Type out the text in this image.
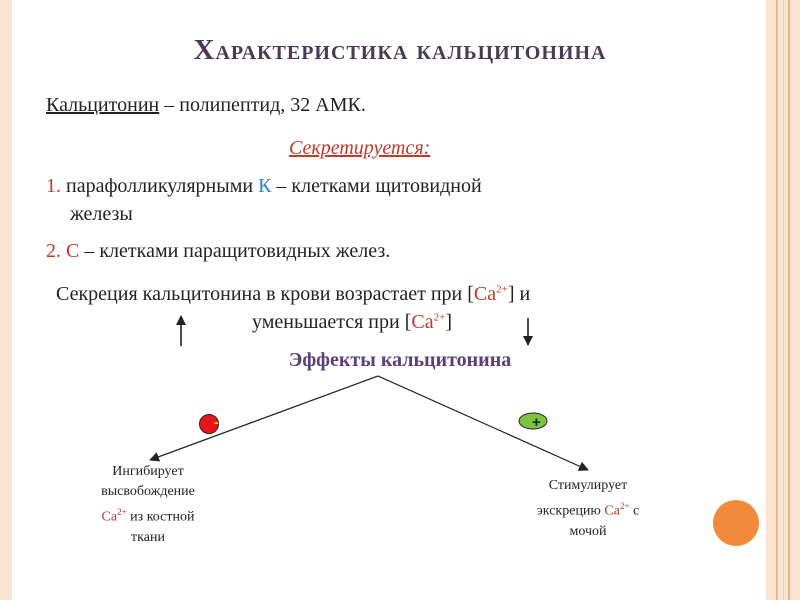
Характеристика кальцитонина
Кальцитонин – полипептид, 32 АМК.
Секретируется:
1. парафолликулярными К – клетками щитовидной
железы
2. С – клетками паращитовидных желез.
Секреция кальцитонина в крови возрастает при $[Ca^{2+}]$ и
уменьшается при $[Ca^{2+}]$
Эффекты кальцитонина
-	+
Ингибирует
высвобождение
$Ca^{2+}$ из костной
ткани
Стимулирует
экскрецию $Ca^{2+}$ с
мочой
